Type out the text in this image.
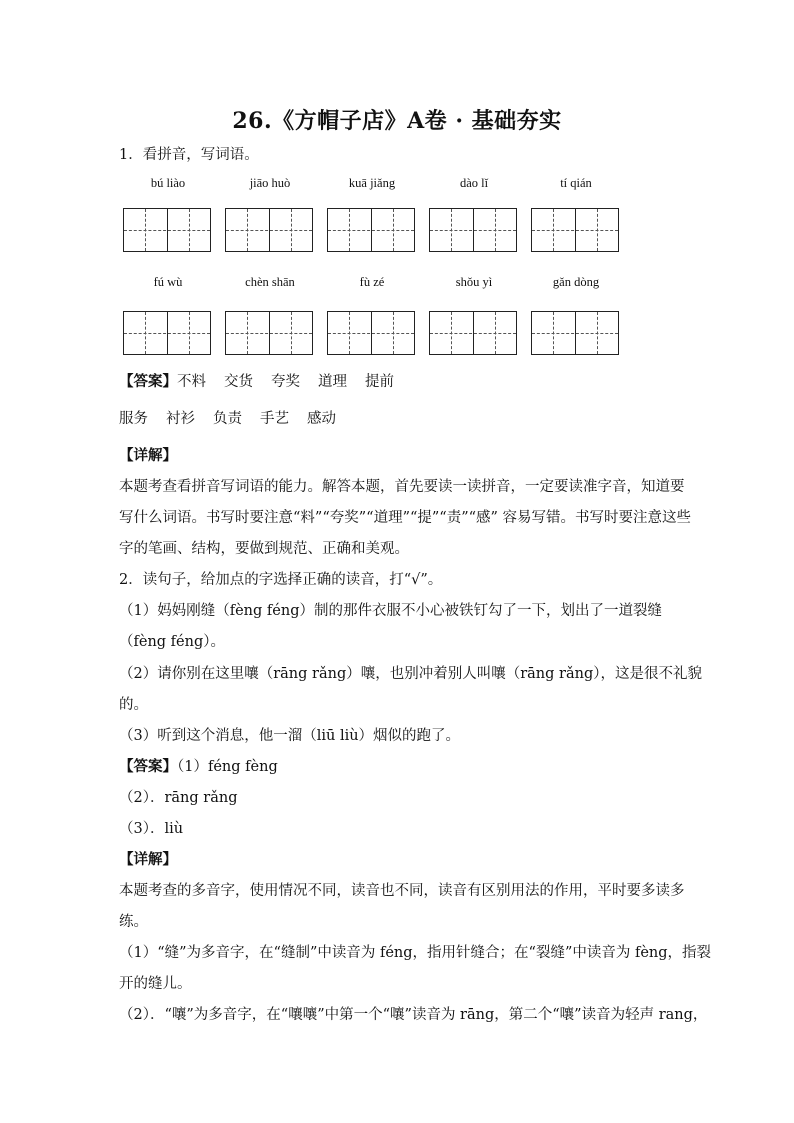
26.《方帽子店》A卷 · 基础夯实
1．看拼音，写词语。
bú liào	jiāo huò	kuā jiǎng	dào lǐ	tí qián
fú wù	chèn shān	fù zé	shǒu yì	gǎn dòng
【答案】不料 交货 夸奖 道理 提前
服务 衬衫 负责 手艺 感动
【详解】
本题考查看拼音写词语的能力。解答本题，首先要读一读拼音，一定要读准字音，知道要
写什么词语。书写时要注意“料”“夸奖”“道理”“提”“责”“感” 容易写错。书写时要注意这些
字的笔画、结构，要做到规范、正确和美观。
2．读句子，给加点的字选择正确的读音，打“√”。
（1）妈妈刚缝（fèng féng）制的那件衣服不小心被铁钉勾了一下，划出了一道裂缝
（fèng féng）。
（2）请你别在这里嚷（rāng rǎng）嚷，也别冲着别人叫嚷（rāng rǎng），这是很不礼貌
的。
（3）听到这个消息，他一溜（liū liù）烟似的跑了。
【答案】（1）féng fèng
（2）．rāng rǎng
（3）．liù
【详解】
本题考查的多音字，使用情况不同，读音也不同，读音有区别用法的作用，平时要多读多
练。
（1）“缝”为多音字，在“缝制”中读音为 féng，指用针缝合；在“裂缝”中读音为 fèng，指裂
开的缝儿。
（2）．“嚷”为多音字，在“嚷嚷”中第一个“嚷”读音为 rāng，第二个“嚷”读音为轻声 rang，
